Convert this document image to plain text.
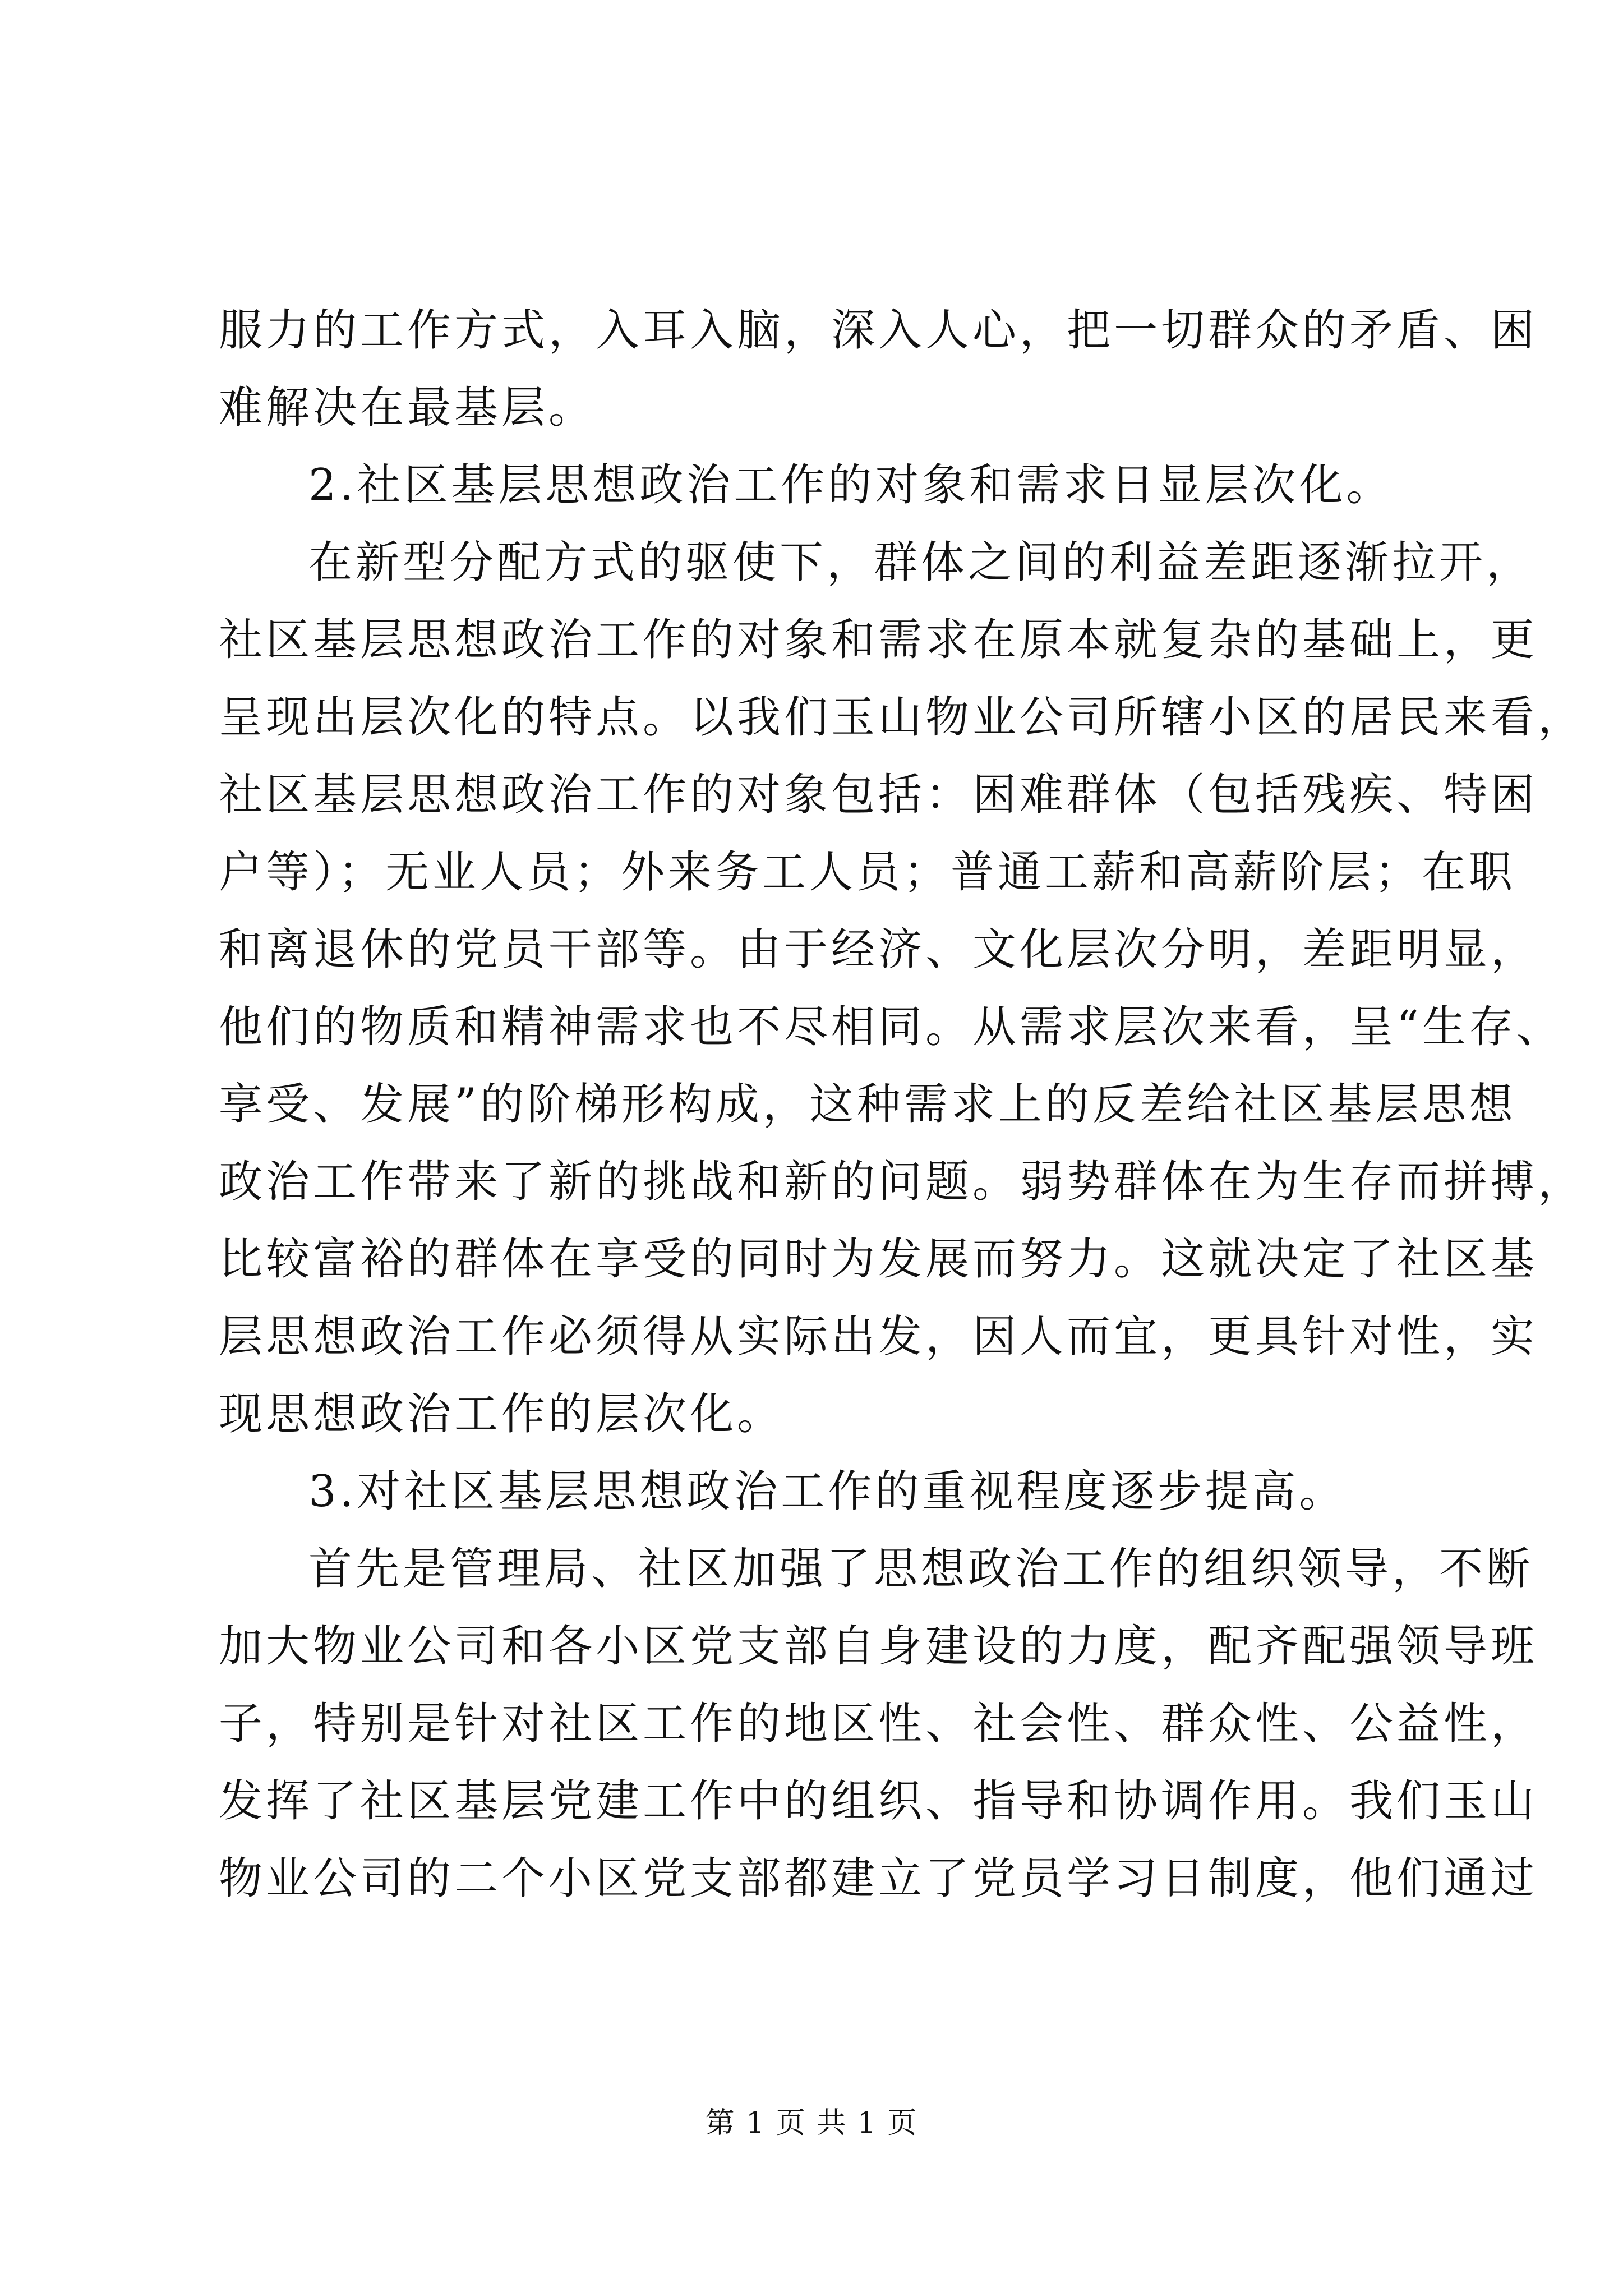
服力的工作方式，入耳入脑，深入人心，把一切群众的矛盾、困
难解决在最基层。
2.社区基层思想政治工作的对象和需求日显层次化。
在新型分配方式的驱使下，群体之间的利益差距逐渐拉开，
社区基层思想政治工作的对象和需求在原本就复杂的基础上，更
呈现出层次化的特点。以我们玉山物业公司所辖小区的居民来看，
社区基层思想政治工作的对象包括：困难群体（包括残疾、特困
户等）；无业人员；外来务工人员；普通工薪和高薪阶层；在职
和离退休的党员干部等。由于经济、文化层次分明，差距明显，
他们的物质和精神需求也不尽相同。从需求层次来看，呈“生存、
享受、发展”的阶梯形构成，这种需求上的反差给社区基层思想
政治工作带来了新的挑战和新的问题。弱势群体在为生存而拼搏，
比较富裕的群体在享受的同时为发展而努力。这就决定了社区基
层思想政治工作必须得从实际出发，因人而宜，更具针对性，实
现思想政治工作的层次化。
3.对社区基层思想政治工作的重视程度逐步提高。
首先是管理局、社区加强了思想政治工作的组织领导，不断
加大物业公司和各小区党支部自身建设的力度，配齐配强领导班
子，特别是针对社区工作的地区性、社会性、群众性、公益性，
发挥了社区基层党建工作中的组织、指导和协调作用。我们玉山
物业公司的二个小区党支部都建立了党员学习日制度，他们通过
第 1 页 共 1 页
